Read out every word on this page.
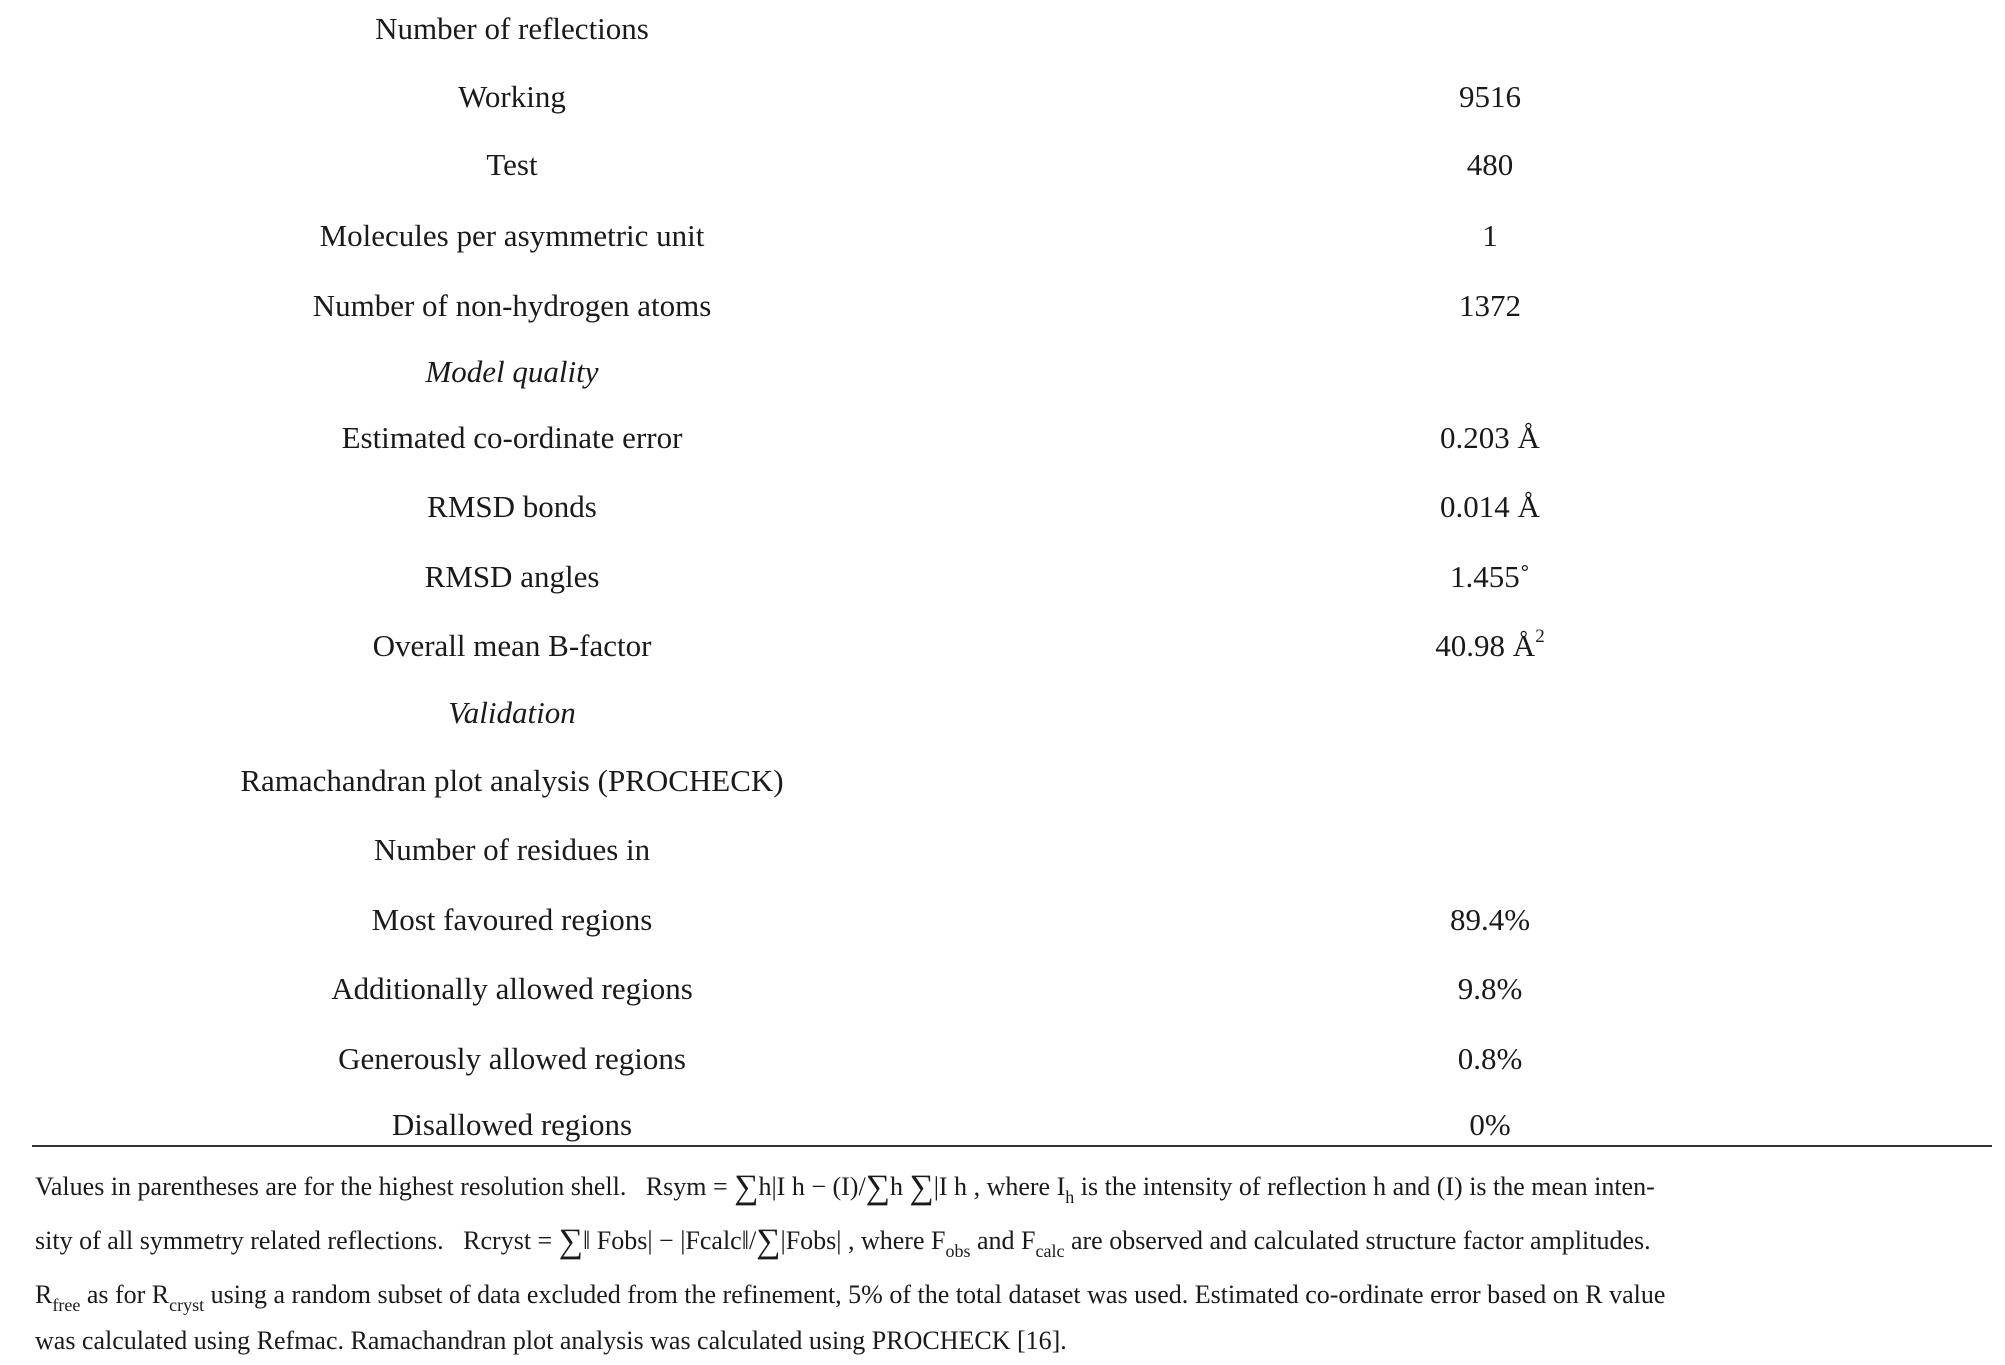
Number of reflections
Working	9516
Test	480
Molecules per asymmetric unit	1
Number of non-hydrogen atoms	1372
Model quality
Estimated co-ordinate error	0.203 Å
RMSD bonds	0.014 Å
RMSD angles	1.455˚
Overall mean B-factor	40.98 $Å^2$
Validation
Ramachandran plot analysis (PROCHECK)
Number of residues in
Most favoured regions	89.4%
Additionally allowed regions	9.8%
Generously allowed regions	0.8%
Disallowed regions	0%
Values in parentheses are for the highest resolution shell. Rsym = ∑h|I h − (I)/∑h ∑|I h , where $I_h$ is the intensity of reflection h and (I) is the mean inten-
sity of all symmetry related reflections. Rcryst = ∑‖ Fobs| − |Fcalc‖/∑|Fobs| , where $F_{obs}$ and $F_{calc}$ are observed and calculated structure factor amplitudes.
$R_{free}$ as for $R_{cryst}$ using a random subset of data excluded from the refinement, 5% of the total dataset was used. Estimated co-ordinate error based on R value
was calculated using Refmac. Ramachandran plot analysis was calculated using PROCHECK [16].
